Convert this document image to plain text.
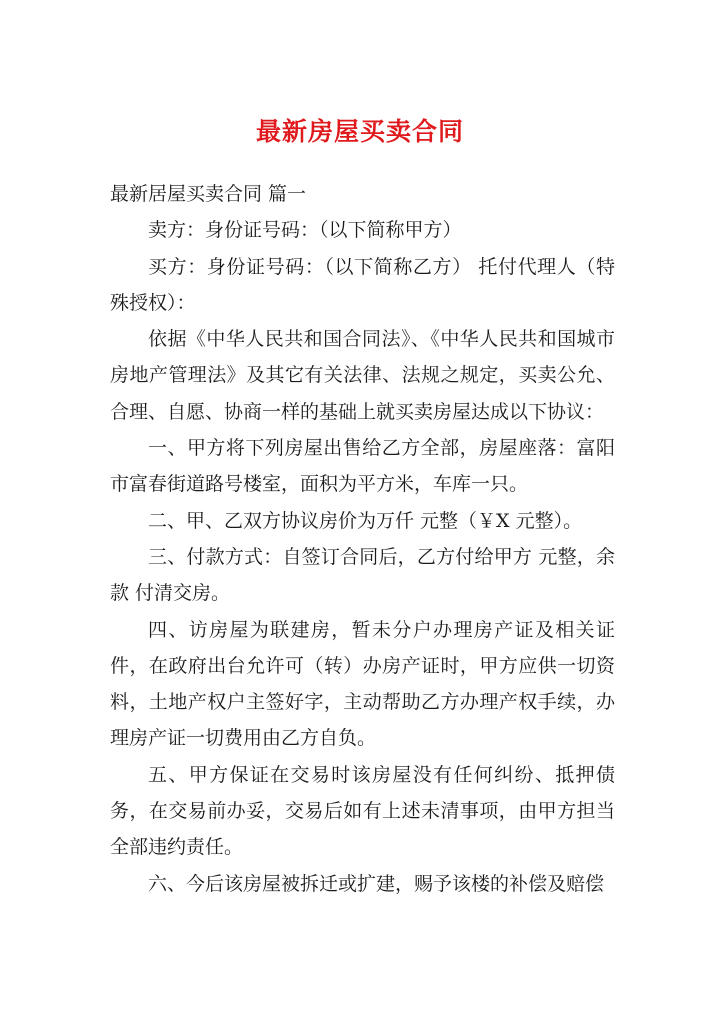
最新房屋买卖合同

最新居屋买卖合同 篇一

卖方：身份证号码：（以下简称甲方）

买方：身份证号码：（以下简称乙方） 托付代理人（特殊授权）：

依据《中华人民共和国合同法》、《中华人民共和国城市房地产管理法》及其它有关法律、法规之规定，买卖公允、合理、自愿、协商一样的基础上就买卖房屋达成以下协议：

一、甲方将下列房屋出售给乙方全部，房屋座落：富阳市富春街道路号楼室，面积为平方米，车库一只。

二、甲、乙双方协议房价为万仟 元整（￥X 元整）。

三、付款方式：自签订合同后，乙方付给甲方 元整，余款 付清交房。

四、访房屋为联建房，暂未分户办理房产证及相关证件，在政府出台允许可（转）办房产证时，甲方应供一切资料，土地产权户主签好字，主动帮助乙方办理产权手续，办理房产证一切费用由乙方自负。

五、甲方保证在交易时该房屋没有任何纠纷、抵押债务，在交易前办妥，交易后如有上述未清事项，由甲方担当全部违约责任。

六、今后该房屋被拆迁或扩建，赐予该楼的补偿及赔偿
